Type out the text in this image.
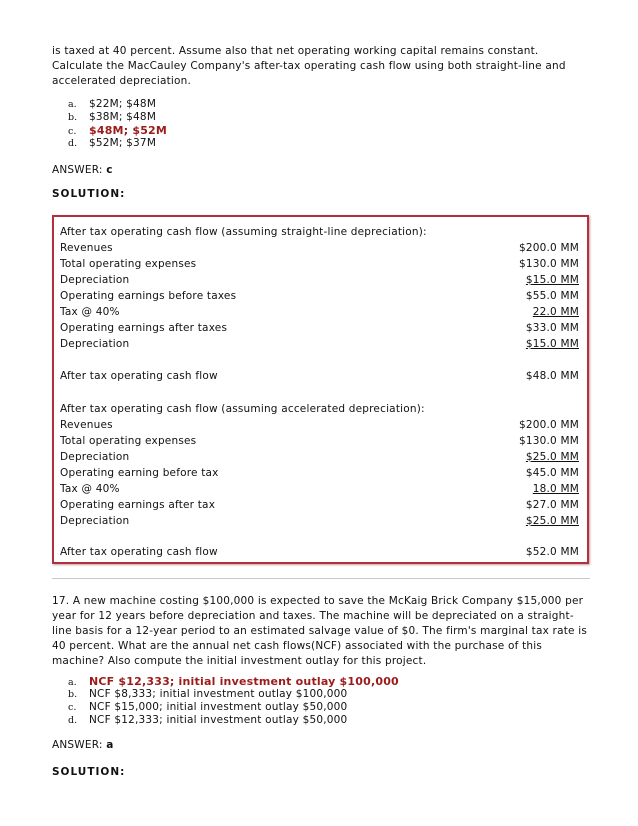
is taxed at 40 percent. Assume also that net operating working capital remains constant. Calculate the MacCauley Company's after-tax operating cash flow using both straight-line and accelerated depreciation.
a. $22M; $48M
b. $38M; $48M
c. $48M; $52M
d. $52M; $37M
ANSWER: c
SOLUTION:
After tax operating cash flow (assuming straight-line depreciation):
Revenues	$200.0 MM
Total operating expenses	$130.0 MM
Depreciation	$15.0 MM
Operating earnings before taxes	$55.0 MM
Tax @ 40%	22.0 MM
Operating earnings after taxes	$33.0 MM
Depreciation	$15.0 MM
After tax operating cash flow	$48.0 MM
After tax operating cash flow (assuming accelerated depreciation):
Revenues	$200.0 MM
Total operating expenses	$130.0 MM
Depreciation	$25.0 MM
Operating earning before tax	$45.0 MM
Tax @ 40%	18.0 MM
Operating earnings after tax	$27.0 MM
Depreciation	$25.0 MM
After tax operating cash flow	$52.0 MM
17. A new machine costing $100,000 is expected to save the McKaig Brick Company $15,000 per year for 12 years before depreciation and taxes. The machine will be depreciated on a straight-line basis for a 12-year period to an estimated salvage value of $0. The firm's marginal tax rate is 40 percent. What are the annual net cash flows(NCF) associated with the purchase of this machine? Also compute the initial investment outlay for this project.
a. NCF $12,333; initial investment outlay $100,000
b. NCF $8,333; initial investment outlay $100,000
c. NCF $15,000; initial investment outlay $50,000
d. NCF $12,333; initial investment outlay $50,000
ANSWER: a
SOLUTION:
